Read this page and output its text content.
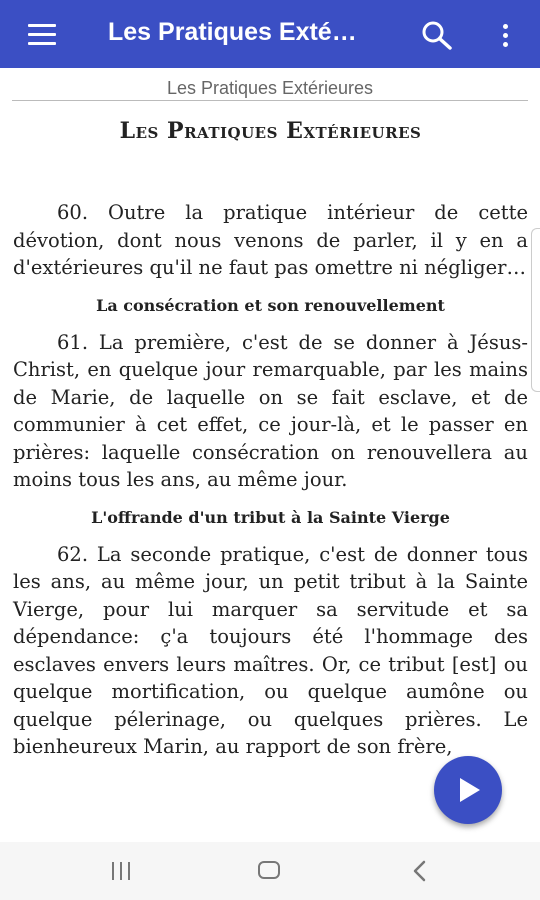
Les Pratiques Exté…
Les Pratiques Extérieures
Les Pratiques Extérieures

60. Outre la pratique intérieur de cette dévotion, dont nous venons de parler, il y en a d'extérieures qu'il ne faut pas omettre ni négliger…

La consécration et son renouvellement

61. La première, c'est de se donner à Jésus-Christ, en quelque jour remarquable, par les mains de Marie, de laquelle on se fait esclave, et de communier à cet effet, ce jour-là, et le passer en prières: laquelle consécration on renouvellera au moins tous les ans, au même jour.

L'offrande d'un tribut à la Sainte Vierge

62. La seconde pratique, c'est de donner tous les ans, au même jour, un petit tribut à la Sainte Vierge, pour lui marquer sa servitude et sa dépendance: ç'a toujours été l'hommage des esclaves envers leurs maîtres. Or, ce tribut [est] ou quelque mortification, ou quelque aumône ou quelque pélerinage, ou quelques prières. Le bienheureux Marin, au rapport de son frère,
